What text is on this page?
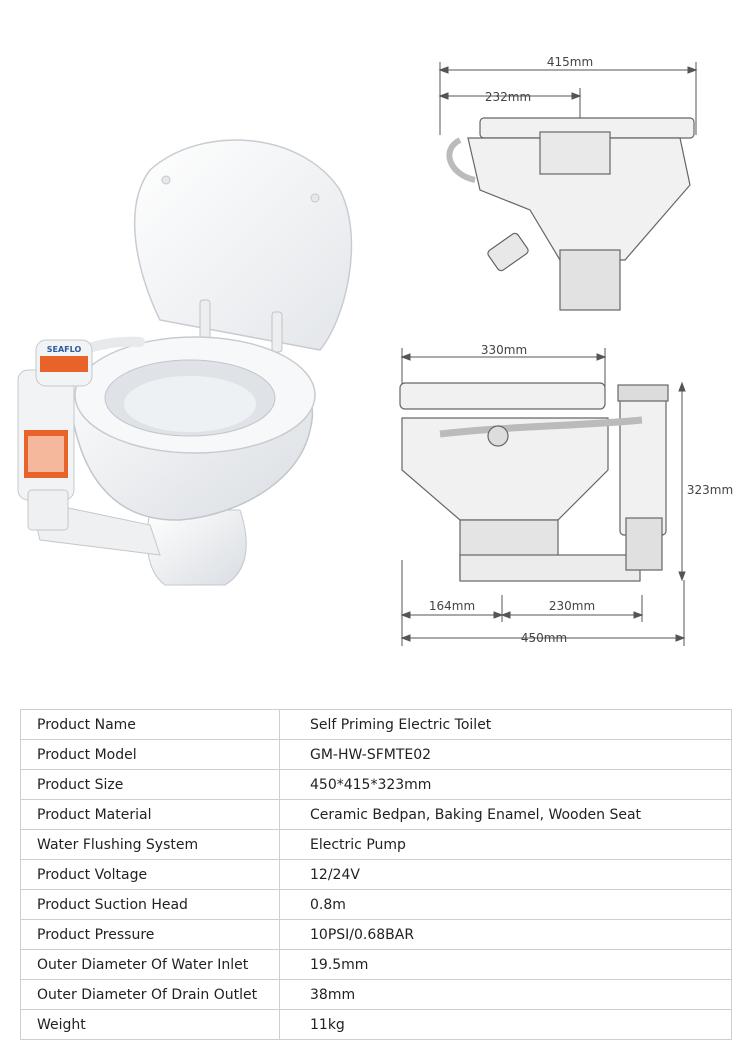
SEAFLO
415mm
232mm
330mm
323mm
164mm	230mm
450mm
Product Name	Self Priming Electric Toilet
Product Model	GM-HW-SFMTE02
Product Size	450*415*323mm
Product Material	Ceramic Bedpan, Baking Enamel, Wooden Seat
Water Flushing System	Electric Pump
Product Voltage	12/24V
Product Suction Head	0.8m
Product Pressure	10PSI/0.68BAR
Outer Diameter Of Water Inlet	19.5mm
Outer Diameter Of Drain Outlet	38mm
Weight	11kg
